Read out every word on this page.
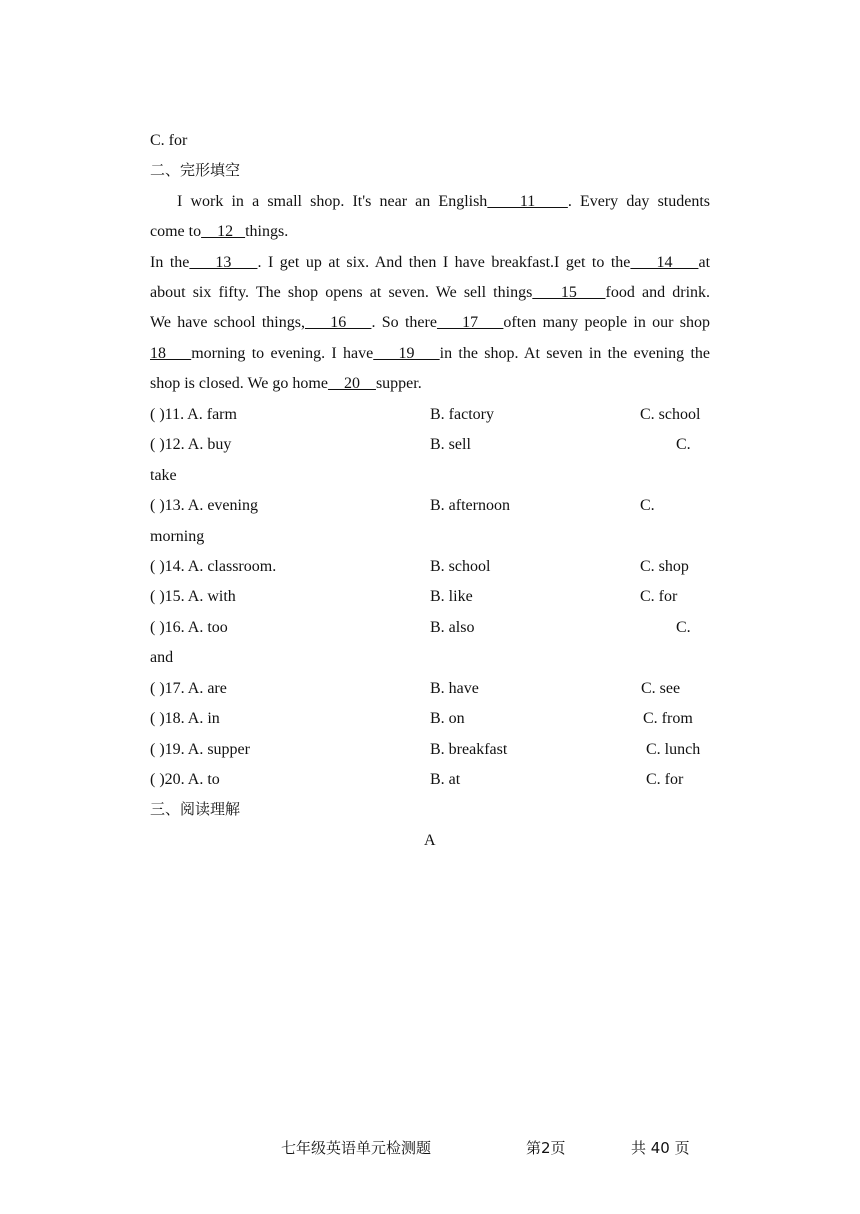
C. for
二、完形填空
I work in a small shop. It's near an English    11    . Every day students
come to    12   things.
In the    13    . I get up at six. And then I have breakfast.I get to the    14    at
about six fifty. The shop opens at seven. We sell things    15    food and drink.
We have school things,    16    . So there    17    often many people in our shop
18    morning to evening. I have    19    in the shop. At seven in the evening the
shop is closed. We go home    20    supper.
( )11. A. farm	B. factory	C. school
( )12. A. buy	B. sell	C.
take
( )13. A. evening	B. afternoon	C.
morning
( )14. A. classroom.	B. school	C. shop
( )15. A. with	B. like	C. for
( )16. A. too	B. also	C.
and
( )17. A. are	B. have	C. see
( )18. A. in	B. on	C. from
( )19. A. supper	B. breakfast	C. lunch
( )20. A. to	B. at	C. for
三、阅读理解
A
七年级英语单元检测题	第2页	共 40 页
